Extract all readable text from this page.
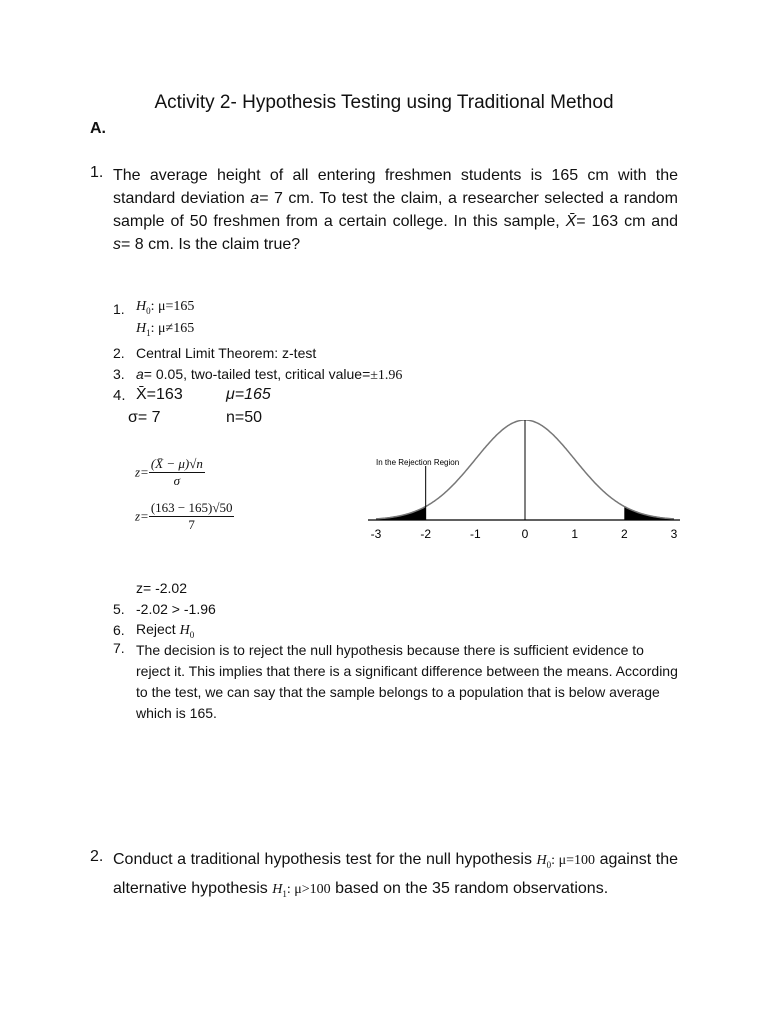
Activity 2- Hypothesis Testing using Traditional Method
A.
1. The average height of all entering freshmen students is 165 cm with the standard deviation a= 7 cm. To test the claim, a researcher selected a random sample of 50 freshmen from a certain college. In this sample, X̄= 163 cm and s= 8 cm. Is the claim true?
1. $H_0$: μ=165
$H_1$: μ≠165
2. Central Limit Theorem: z-test
3. a= 0.05, two-tailed test, critical value=±1.96
4. X̄=163	μ=165
σ= 7	n=50
$z= \frac{(X̄ - \mu)√n}{\sigma}$
$z= \frac{(163 - 165)√50}{7}$
In the Rejection Region
-3	-2	-1	0	1	2	3
z= -2.02
5. -2.02 > -1.96
6. Reject $H_0$
7. The decision is to reject the null hypothesis because there is sufficient evidence to reject it. This implies that there is a significant difference between the means. According to the test, we can say that the sample belongs to a population that is below average which is 165.
2. Conduct a traditional hypothesis test for the null hypothesis $H_0$: μ=100 against the alternative hypothesis $H_1$: μ>100 based on the 35 random observations.
